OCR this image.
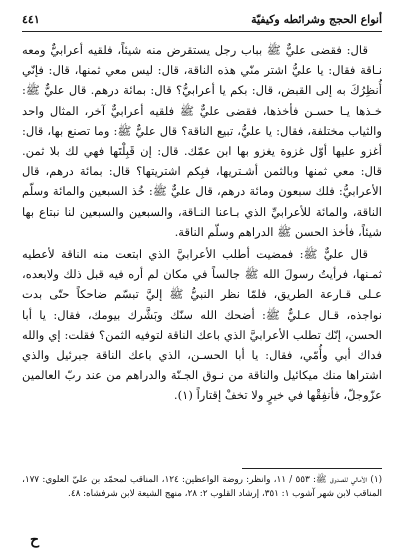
أنواع الحجج وشرائطه وكيفيّة
٤٤١

قال: فقضى عليٌّ ﷺ بباب رجل يستقرض منه شيئاً، فلقيه أعرابيٌّ ومعه نـاقة فقال: يا عليُّ اشتر منّي هذه الناقة، قال: ليس معي ثمنها، قال: فإنّي أُنظِرُكَ به إلى القبض، قال: بكم يا أعرابيُّ؟ قال: بمائة درهم. قال عليٌّ ﷺ: خـذها يـا حسـن فأخذها، فقضى عليٌّ ﷺ فلقيه أعرابيٌّ آخر، المثال واحد والثياب مختلفة، فقال: يا عليُّ، تبيع الناقة؟ قال عليٌّ ﷺ: وما تصنع بها، قال: أغزو عليها أوّل غزوة يغزو بها ابن عمّك. قال: إن قَبِلْتَها فهي لك بلا ثمن. قال: معي ثمنها وبالثمن أشـتريها، فبِكم اشتريتها؟ قال: بمائة درهم، قال الأعرابيُّ: فلك سبعون ومائة درهم، قال عليٌّ ﷺ: خُذ السبعين والمائة وسلّم الناقة، والمائة للأعرابيِّ الذي بـاعنا النـاقة، والسبعين والسبعين لنا نبتاع بها شيئاً، فأخذ الحسن ﷺ الدراهم وسلّم الناقة.

قال عليٌّ ﷺ: فمضيت أطلب الأعرابيَّ الذي ابتعت منه الناقة لأعطيه ثمـنها، فرأيتُ رسولَ الله ﷺ جالساً في مكان لم أره فيه قبل ذلك ولابعده، عـلى قـارعة الطريق، فلمّا نظر النبيُّ ﷺ إليَّ تبسّم ضاحكاً حتّى بدت نواجذه، قـال عـليٌّ ﷺ: أضحك الله سنّك وبَشَّرك بيومك، فقال: يا أبا الحسن، إنّك تطلب الأعرابيَّ الذي باعك الناقة لتوفيه الثمن؟ فقلت: إي والله فداك أبي وأُمّي، فقال: يا أبا الحسـن، الذي باعك الناقة جبرئيل والذي اشتراها منك ميكائيل والناقة من نـوق الجـنّة والدراهم من عند ربّ العالمين عزّوجلّ، فأنفِقْها في خيرٍ ولا تخفْ إقتاراً (١).

(١) الأمالي للصدوق ﷺ: ٥٥٣ / ١١، وانظر: روضة الواعظين: ١٢٤، المناقب لمحمّد بن عليّ العلوي: ١٧٧، المناقب لابن شهر آشوب ١: ٣٥١، إرشاد القلوب ٢: ٢٨، منهج الشيعة لابن شرفشاه: ٤٨.

ح
